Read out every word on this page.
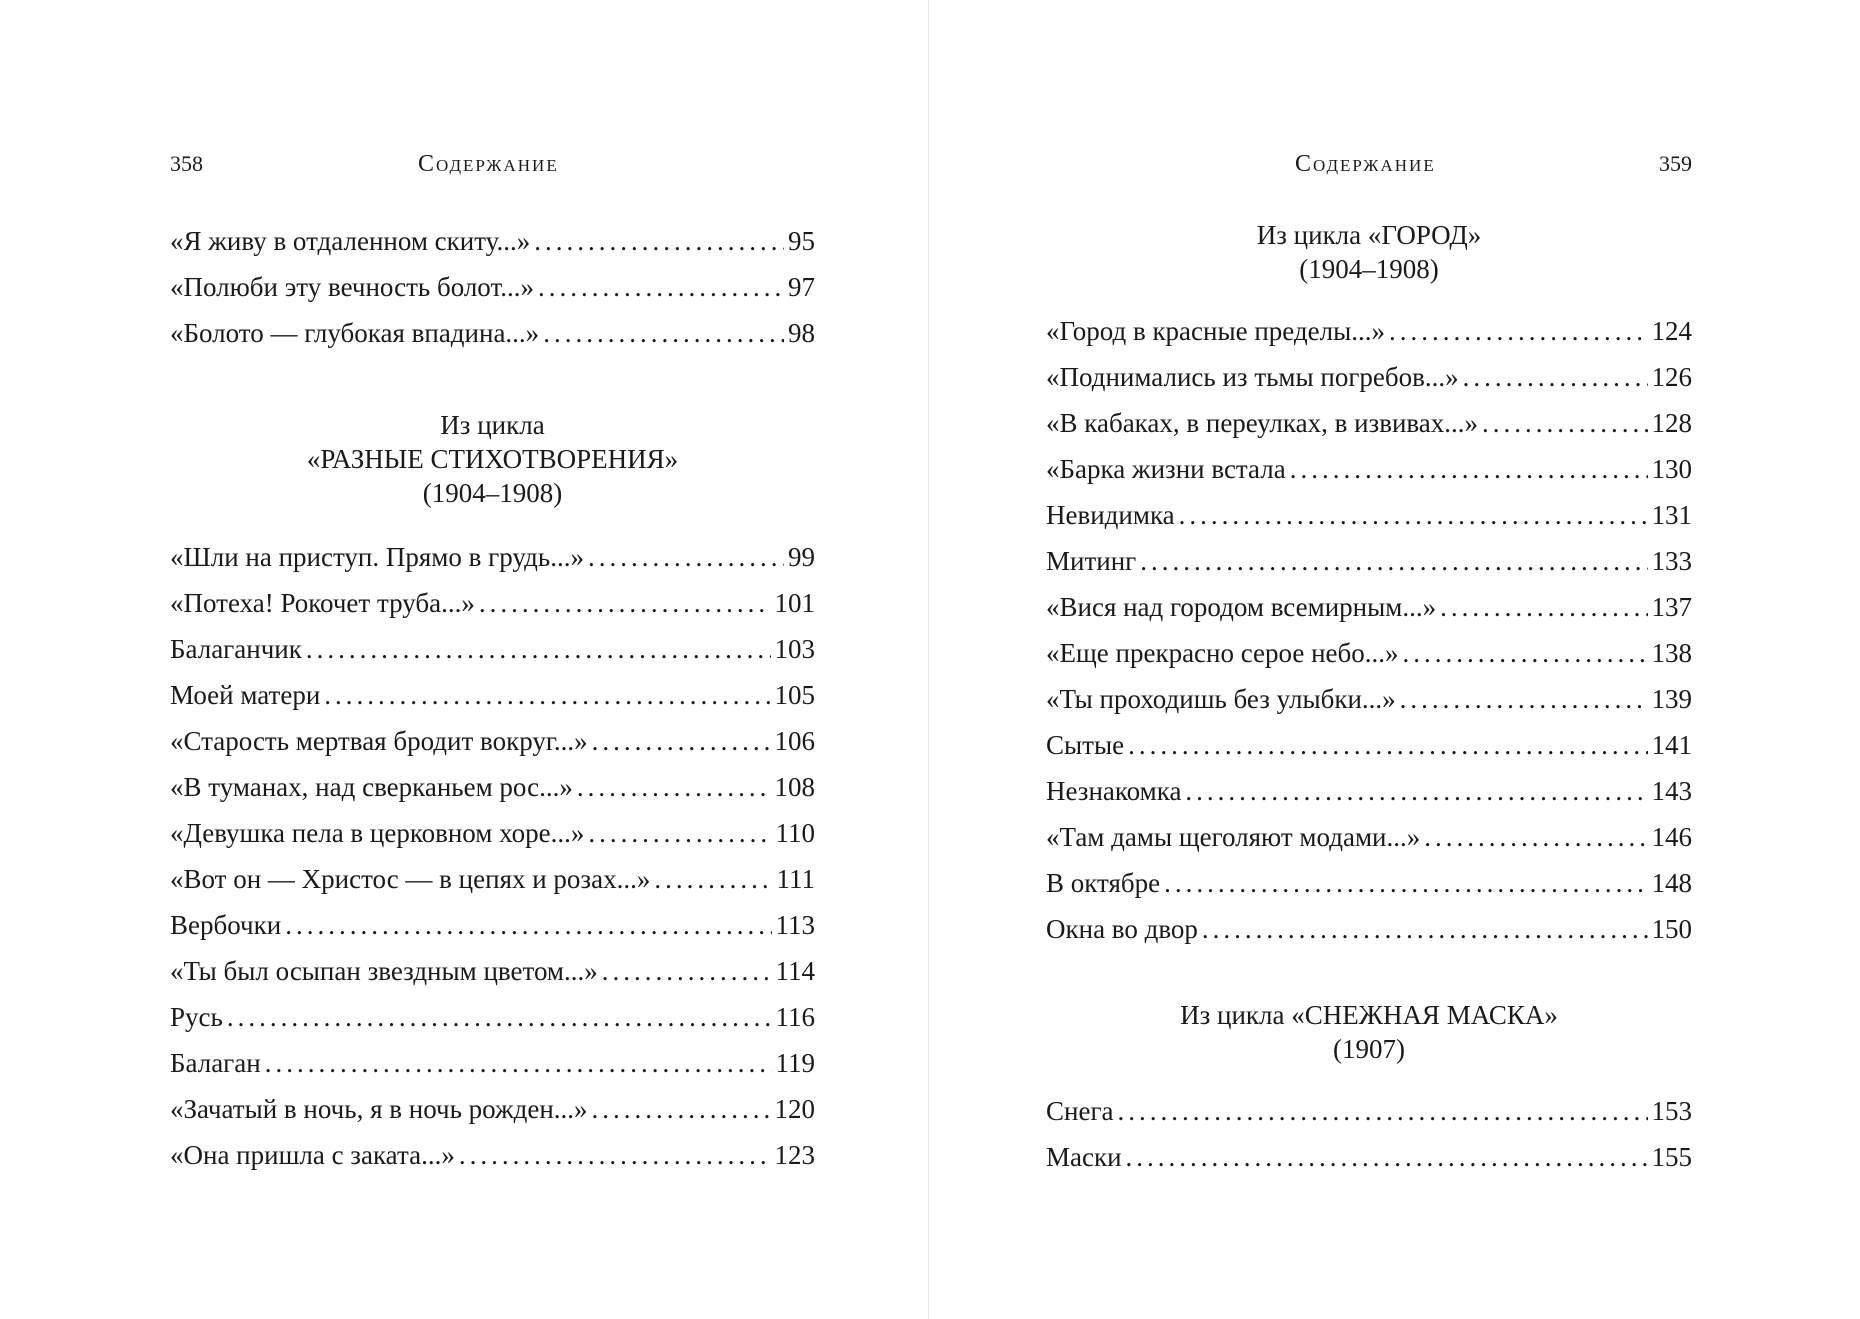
358	Содержание
«Я живу в отдаленном скиту...» .....	95
«Полюби эту вечность болот...» .....	97
«Болото — глубокая впадина...» .....	98
Из цикла
«РАЗНЫЕ СТИХОТВОРЕНИЯ»
(1904–1908)
«Шли на приступ. Прямо в грудь...» .....	99
«Потеха! Рокочет труба...» .....	101
Балаганчик .....	103
Моей матери .....	105
«Старость мертвая бродит вокруг...» .....	106
«В туманах, над сверканьем рос...» .....	108
«Девушка пела в церковном хоре...» .....	110
«Вот он — Христос — в цепях и розах...» .....	111
Вербочки .....	113
«Ты был осыпан звездным цветом...» .....	114
Русь .....	116
Балаган .....	119
«Зачатый в ночь, я в ночь рожден...» .....	120
«Она пришла с заката...» .....	123
Содержание	359
Из цикла «ГОРОД»
(1904–1908)
«Город в красные пределы...» .....	124
«Поднимались из тьмы погребов...» .....	126
«В кабаках, в переулках, в извивах...» .....	128
«Барка жизни встала .....	130
Невидимка .....	131
Митинг .....	133
«Вися над городом всемирным...» .....	137
«Еще прекрасно серое небо...» .....	138
«Ты проходишь без улыбки...» .....	139
Сытые .....	141
Незнакомка .....	143
«Там дамы щеголяют модами...» .....	146
В октябре .....	148
Окна во двор .....	150
Из цикла «СНЕЖНАЯ МАСКА»
(1907)
Снега .....	153
Маски .....	155
